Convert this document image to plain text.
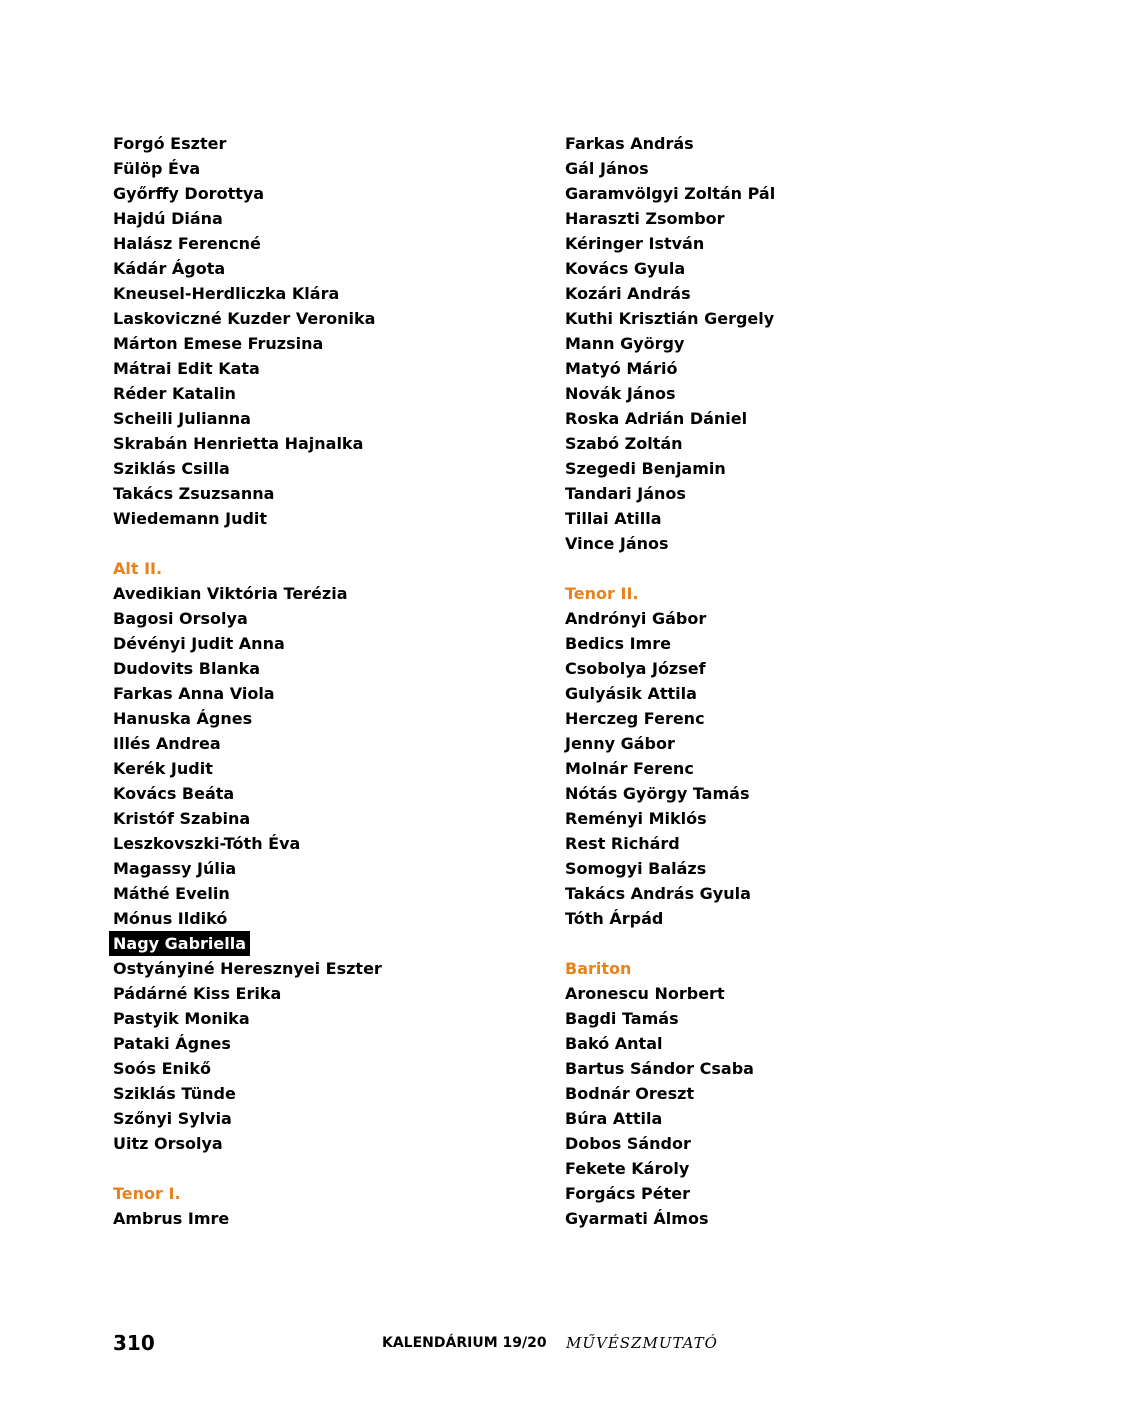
Forgó Eszter
Fülöp Éva
Győrffy Dorottya
Hajdú Diána
Halász Ferencné
Kádár Ágota
Kneusel-Herdliczka Klára
Laskoviczné Kuzder Veronika
Márton Emese Fruzsina
Mátrai Edit Kata
Réder Katalin
Scheili Julianna
Skrabán Henrietta Hajnalka
Sziklás Csilla
Takács Zsuzsanna
Wiedemann Judit
Alt II.
Avedikian Viktória Terézia
Bagosi Orsolya
Dévényi Judit Anna
Dudovits Blanka
Farkas Anna Viola
Hanuska Ágnes
Illés Andrea
Kerék Judit
Kovács Beáta
Kristóf Szabina
Leszkovszki-Tóth Éva
Magassy Júlia
Máthé Evelin
Mónus Ildikó
Nagy Gabriella
Ostyányiné Heresznyei Eszter
Pádárné Kiss Erika
Pastyik Monika
Pataki Ágnes
Soós Enikő
Sziklás Tünde
Szőnyi Sylvia
Uitz Orsolya
Tenor I.
Ambrus Imre
Farkas András
Gál János
Garamvölgyi Zoltán Pál
Haraszti Zsombor
Kéringer István
Kovács Gyula
Kozári András
Kuthi Krisztián Gergely
Mann György
Matyó Márió
Novák János
Roska Adrián Dániel
Szabó Zoltán
Szegedi Benjamin
Tandari János
Tillai Atilla
Vince János
Tenor II.
Andrónyi Gábor
Bedics Imre
Csobolya József
Gulyásik Attila
Herczeg Ferenc
Jenny Gábor
Molnár Ferenc
Nótás György Tamás
Reményi Miklós
Rest Richárd
Somogyi Balázs
Takács András Gyula
Tóth Árpád
Bariton
Aronescu Norbert
Bagdi Tamás
Bakó Antal
Bartus Sándor Csaba
Bodnár Oreszt
Búra Attila
Dobos Sándor
Fekete Károly
Forgács Péter
Gyarmati Álmos
310	KALENDÁRIUM 19/20 MŰVÉSZMUTATÓ
